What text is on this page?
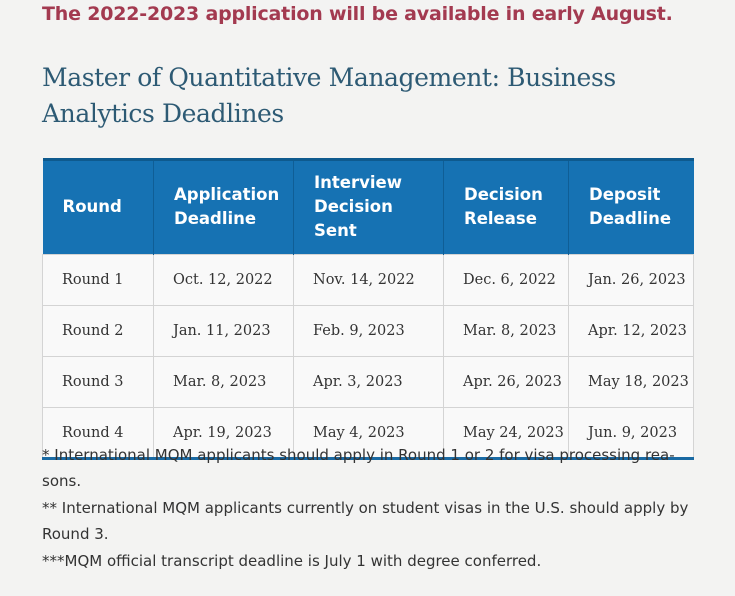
The 2022-2023 application will be available in early August.
Master of Quantitative Management: Business Analytics Deadlines
Round	Application Deadline	Interview Decision Sent	Decision Release	Deposit Deadline
Round 1	Oct. 12, 2022	Nov. 14, 2022	Dec. 6, 2022	Jan. 26, 2023
Round 2	Jan. 11, 2023	Feb. 9, 2023	Mar. 8, 2023	Apr. 12, 2023
Round 3	Mar. 8, 2023	Apr. 3, 2023	Apr. 26, 2023	May 18, 2023
Round 4	Apr. 19, 2023	May 4, 2023	May 24, 2023	Jun. 9, 2023

* International MQM applicants should apply in Round 1 or 2 for visa processing rea-sons.

** International MQM applicants currently on student visas in the U.S. should apply by Round 3.

***MQM official transcript deadline is July 1 with degree conferred.
